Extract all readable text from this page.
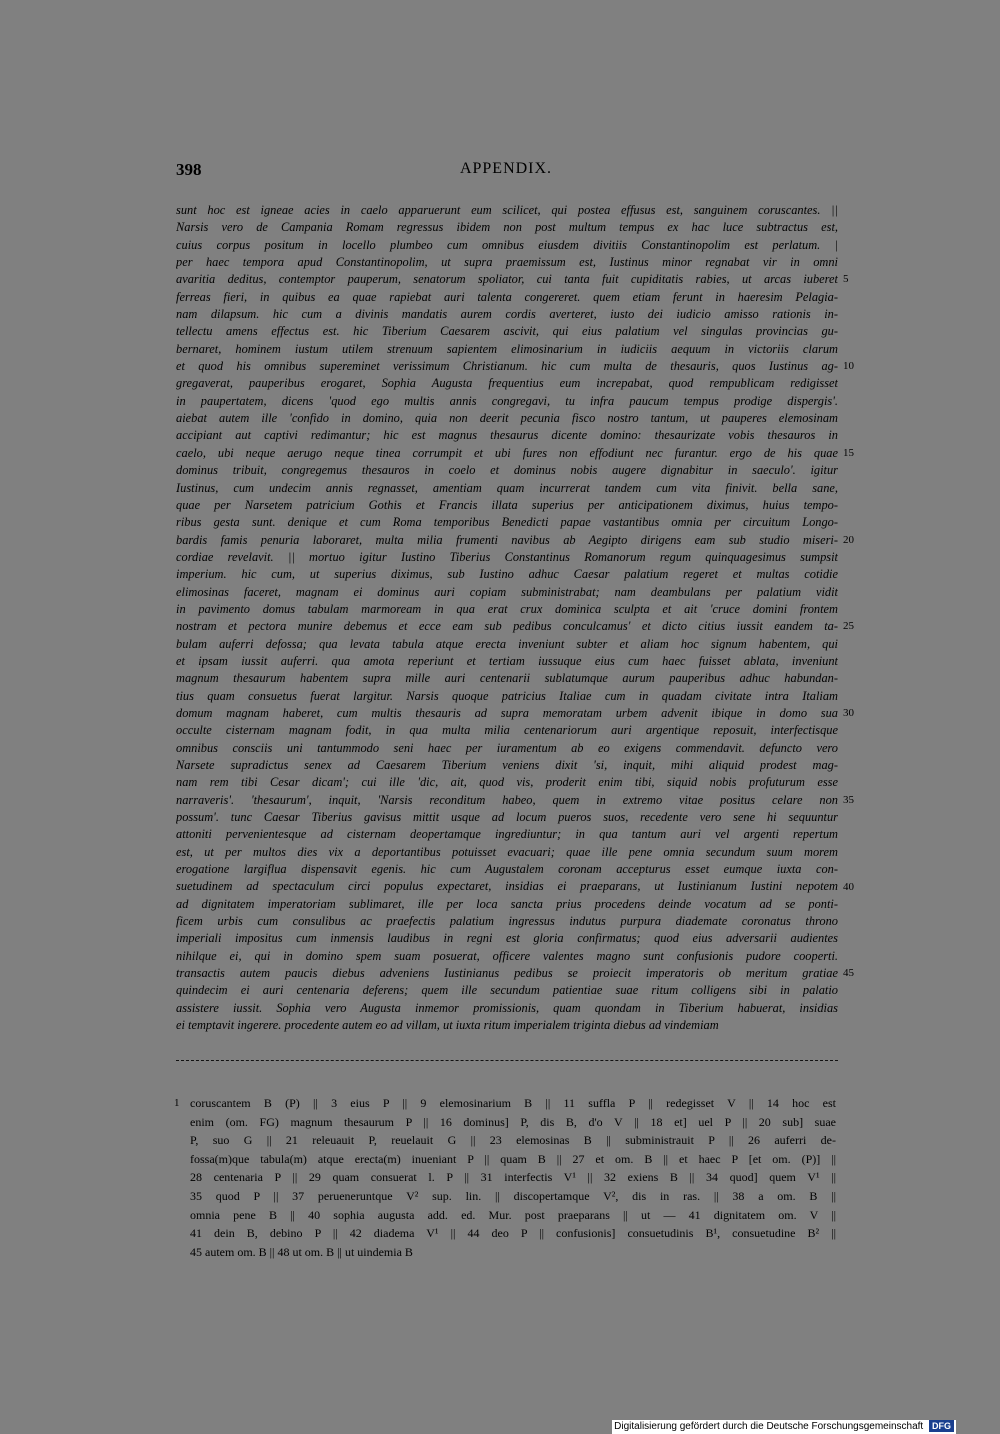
398	APPENDIX.
sunt hoc est igneae acies in caelo apparuerunt eum scilicet, qui postea effusus est, sanguinem coruscantes. ||
Narsis vero de Campania Romam regressus ibidem non post multum tempus ex hac luce subtractus est,
cuius corpus positum in locello plumbeo cum omnibus eiusdem divitiis Constantinopolim est perlatum. |
per haec tempora apud Constantinopolim, ut supra praemissum est, Iustinus minor regnabat vir in omni
avaritia deditus, contemptor pauperum, senatorum spoliator, cui tanta fuit cupiditatis rabies, ut arcas iuberet 5
ferreas fieri, in quibus ea quae rapiebat auri talenta congereret. quem etiam ferunt in haeresim Pelagia-
nam dilapsum. hic cum a divinis mandatis aurem cordis averteret, iusto dei iudicio amisso rationis in-
tellectu amens effectus est. hic Tiberium Caesarem ascivit, qui eius palatium vel singulas provincias gu-
bernaret, hominem iustum utilem strenuum sapientem elimosinarium in iudiciis aequum in victoriis clarum
et quod his omnibus supereminet verissimum Christianum. hic cum multa de thesauris, quos Iustinus ag- 10
gregaverat, pauperibus erogaret, Sophia Augusta frequentius eum increpabat, quod rempublicam redigisset
in paupertatem, dicens 'quod ego multis annis congregavi, tu infra paucum tempus prodige dispergis'.
aiebat autem ille 'confido in domino, quia non deerit pecunia fisco nostro tantum, ut pauperes elemosinam
accipiant aut captivi redimantur; hic est magnus thesaurus dicente domino: thesaurizate vobis thesauros in
caelo, ubi neque aerugo neque tinea corrumpit et ubi fures non effodiunt nec furantur. ergo de his quae 15
dominus tribuit, congregemus thesauros in coelo et dominus nobis augere dignabitur in saeculo'. igitur
Iustinus, cum undecim annis regnasset, amentiam quam incurrerat tandem cum vita finivit. bella sane,
quae per Narsetem patricium Gothis et Francis illata superius per anticipationem diximus, huius tempo-
ribus gesta sunt. denique et cum Roma temporibus Benedicti papae vastantibus omnia per circuitum Longo-
bardis famis penuria laboraret, multa milia frumenti navibus ab Aegipto dirigens eam sub studio miseri- 20
cordiae revelavit. || mortuo igitur Iustino Tiberius Constantinus Romanorum regum quinquagesimus sumpsit
imperium. hic cum, ut superius diximus, sub Iustino adhuc Caesar palatium regeret et multas cotidie
elimosinas faceret, magnam ei dominus auri copiam subministrabat; nam deambulans per palatium vidit
in pavimento domus tabulam marmoream in qua erat crux dominica sculpta et ait 'cruce domini frontem
nostram et pectora munire debemus et ecce eam sub pedibus conculcamus' et dicto citius iussit eandem ta- 25
bulam auferri defossa; qua levata tabula atque erecta inveniunt subter et aliam hoc signum habentem, qui
et ipsam iussit auferri. qua amota reperiunt et tertiam iussuque eius cum haec fuisset ablata, inveniunt
magnum thesaurum habentem supra mille auri centenarii sublatumque aurum pauperibus adhuc habundan-
tius quam consuetus fuerat largitur. Narsis quoque patricius Italiae cum in quadam civitate intra Italiam
domum magnam haberet, cum multis thesauris ad supra memoratam urbem advenit ibique in domo sua 30
occulte cisternam magnam fodit, in qua multa milia centenariorum auri argentique reposuit, interfectisque
omnibus consciis uni tantummodo seni haec per iuramentum ab eo exigens commendavit. defuncto vero
Narsete supradictus senex ad Caesarem Tiberium veniens dixit 'si, inquit, mihi aliquid prodest mag-
nam rem tibi Cesar dicam'; cui ille 'dic, ait, quod vis, proderit enim tibi, siquid nobis profuturum esse
narraveris'. 'thesaurum', inquit, 'Narsis reconditum habeo, quem in extremo vitae positus celare non 35
possum'. tunc Caesar Tiberius gavisus mittit usque ad locum pueros suos, recedente vero sene hi sequuntur
attoniti pervenientesque ad cisternam deopertamque ingrediuntur; in qua tantum auri vel argenti repertum
est, ut per multos dies vix a deportantibus potuisset evacuari; quae ille pene omnia secundum suum morem
erogatione largiflua dispensavit egenis. hic cum Augustalem coronam accepturus esset eumque iuxta con-
suetudinem ad spectaculum circi populus expectaret, insidias ei praeparans, ut Iustinianum Iustini nepotem 40
ad dignitatem imperatoriam sublimaret, ille per loca sancta prius procedens deinde vocatum ad se ponti-
ficem urbis cum consulibus ac praefectis palatium ingressus indutus purpura diademate coronatus throno
imperiali impositus cum inmensis laudibus in regni est gloria confirmatus; quod eius adversarii audientes
nihilque ei, qui in domino spem suam posuerat, officere valentes magno sunt confusionis pudore cooperti.
transactis autem paucis diebus adveniens Iustinianus pedibus se proiecit imperatoris ob meritum gratiae 45
quindecim ei auri centenaria deferens; quem ille secundum patientiae suae ritum colligens sibi in palatio
assistere iussit. Sophia vero Augusta inmemor promissionis, quam quondam in Tiberium habuerat, insidias
ei temptavit ingerere. procedente autem eo ad villam, ut iuxta ritum imperialem triginta diebus ad vindemiam
coruscantem B (P) || 3 eius P || 9 elemosinarium B || 11 suffla P || redegisset V || 14 hoc est
1
enim (om. FG) magnum thesaurum P || 16 dominus] P, dis B, d'o V || 18 et] uel P || 20 sub] suae
P, suo G || 21 releuauit P, reuelauit G || 23 elemosinas B || subministrauit P || 26 auferri de-
fossa(m)que tabula(m) atque erecta(m) inueniant P || quam B || 27 et om. B || et haec P [et om. (P)] ||
28 centenaria P || 29 quam consuerat l. P || 31 interfectis V¹ || 32 exiens B || 34 quod] quem V¹ ||
35 quod P || 37 perueneruntque V² sup. lin. || discopertamque V², dis in ras. || 38 a om. B ||
omnia pene B || 40 sophia augusta add. ed. Mur. post praeparans || ut — 41 dignitatem om. V ||
41 dein B, debino P || 42 diadema V¹ || 44 deo P || confusionis] consuetudinis B¹, consuetudine B² ||
45 autem om. B || 48 ut om. B || ut uindemia B
Digitalisierung gefördert durch die Deutsche Forschungsgemeinschaft DFG
